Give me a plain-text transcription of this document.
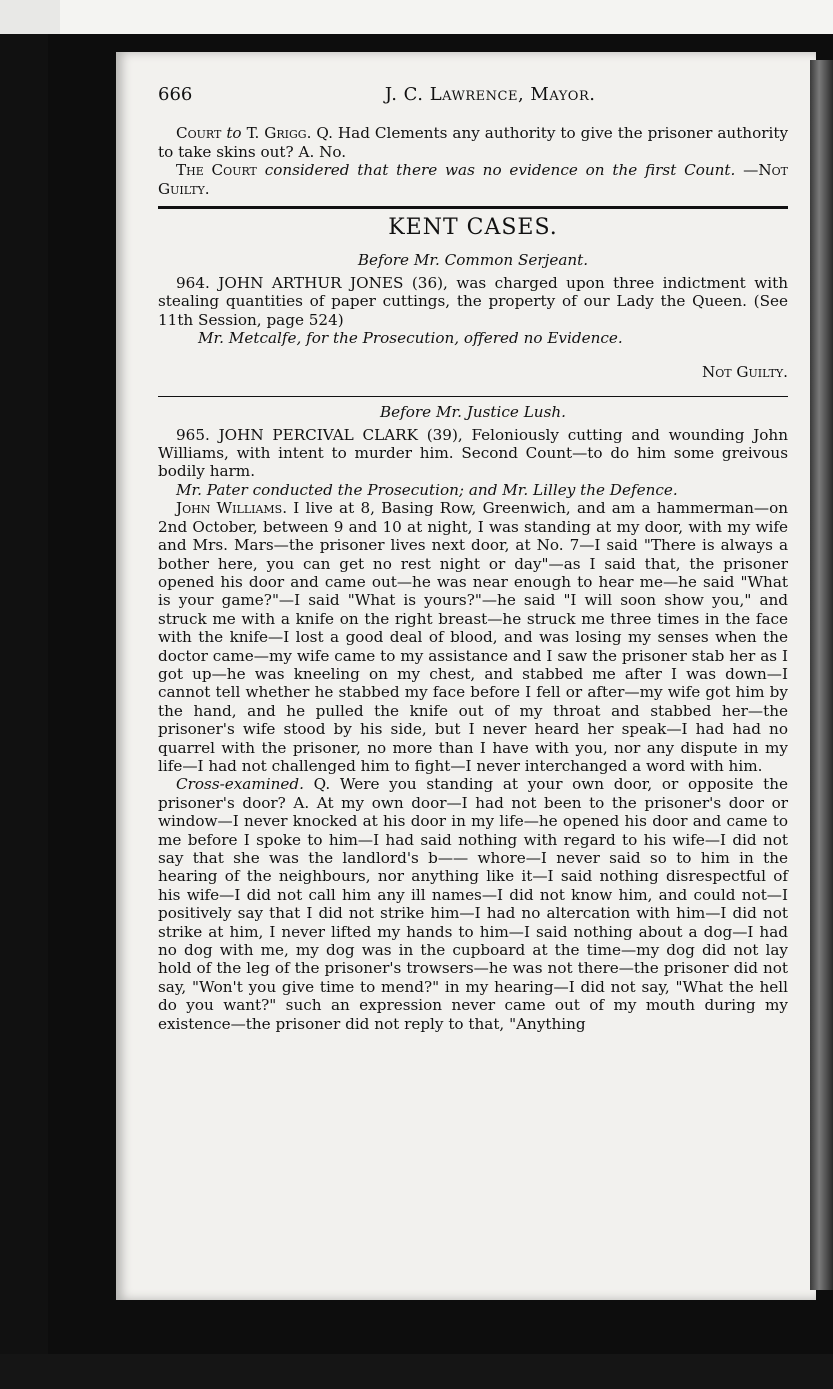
666	J. C. Lawrence, Mayor.

Court to T. Grigg. Q. Had Clements any authority to give the prisoner authority to take skins out? A. No.

The Court considered that there was no evidence on the first Count. —Not Guilty.

KENT CASES.

Before Mr. Common Serjeant.

964. JOHN ARTHUR JONES (36), was charged upon three indictment with stealing quantities of paper cuttings, the property of our Lady the Queen. (See 11th Session, page 524)

Mr. Metcalfe, for the Prosecution, offered no Evidence.

Not Guilty.

Before Mr. Justice Lush.

965. JOHN PERCIVAL CLARK (39), Feloniously cutting and wounding John Williams, with intent to murder him. Second Count—to do him some greivous bodily harm.

Mr. Pater conducted the Prosecution; and Mr. Lilley the Defence.

John Williams. I live at 8, Basing Row, Greenwich, and am a hammerman—on 2nd October, between 9 and 10 at night, I was standing at my door, with my wife and Mrs. Mars—the prisoner lives next door, at No. 7—I said "There is always a bother here, you can get no rest night or day"—as I said that, the prisoner opened his door and came out—he was near enough to hear me—he said "What is your game?"—I said "What is yours?"—he said "I will soon show you," and struck me with a knife on the right breast—he struck me three times in the face with the knife—I lost a good deal of blood, and was losing my senses when the doctor came—my wife came to my assistance and I saw the prisoner stab her as I got up—he was kneeling on my chest, and stabbed me after I was down—I cannot tell whether he stabbed my face before I fell or after—my wife got him by the hand, and he pulled the knife out of my throat and stabbed her—the prisoner's wife stood by his side, but I never heard her speak—I had had no quarrel with the prisoner, no more than I have with you, nor any dispute in my life—I had not challenged him to fight—I never interchanged a word with him.

Cross-examined. Q. Were you standing at your own door, or opposite the prisoner's door? A. At my own door—I had not been to the prisoner's door or window—I never knocked at his door in my life—he opened his door and came to me before I spoke to him—I had said nothing with regard to his wife—I did not say that she was the landlord's b—— whore—I never said so to him in the hearing of the neighbours, nor anything like it—I said nothing disrespectful of his wife—I did not call him any ill names—I did not know him, and could not—I positively say that I did not strike him—I had no altercation with him—I did not strike at him, I never lifted my hands to him—I said nothing about a dog—I had no dog with me, my dog was in the cupboard at the time—my dog did not lay hold of the leg of the prisoner's trowsers—he was not there—the prisoner did not say, "Won't you give time to mend?" in my hearing—I did not say, "What the hell do you want?" such an expression never came out of my mouth during my existence—the prisoner did not reply to that, "Anything
